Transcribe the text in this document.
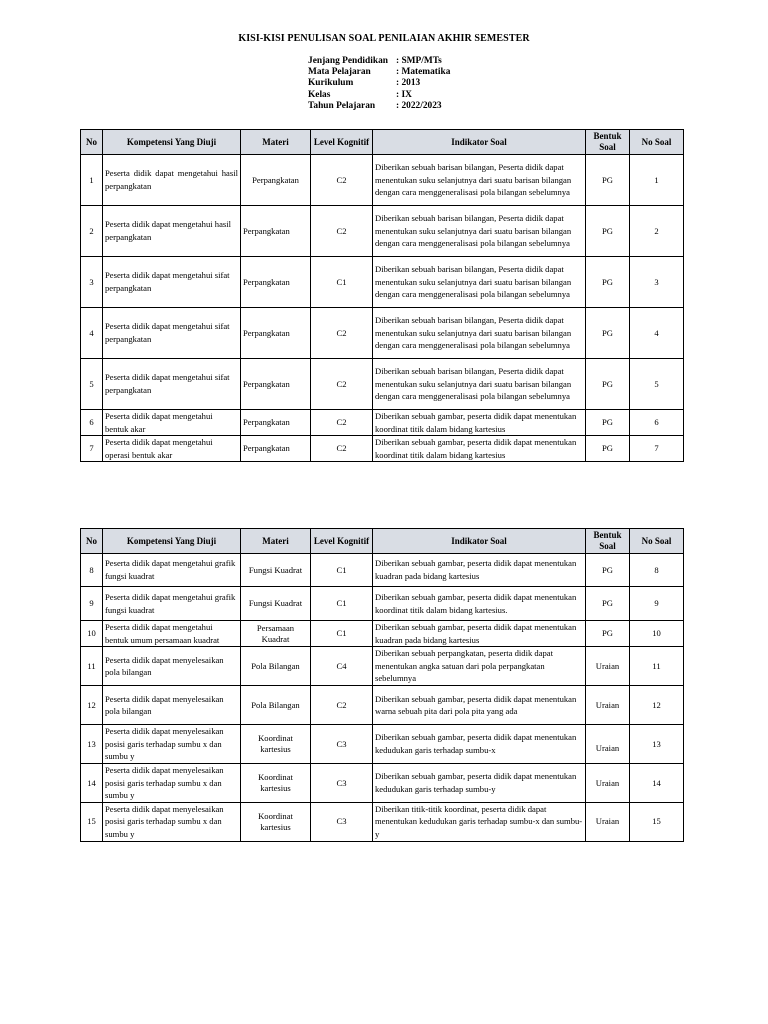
KISI-KISI PENULISAN SOAL PENILAIAN AKHIR SEMESTER
Jenjang Pendidikan : SMP/MTs
Mata Pelajaran	: Matematika
Kurikulum	: 2013
Kelas	: IX
Tahun Pelajaran	: 2022/2023
No	Kompetensi Yang Diuji	Materi	Level Kognitif	Indikator Soal	Bentuk Soal	No Soal
1	Peserta didik dapat mengetahui hasil perpangkatan	Perpangkatan	C2	Diberikan sebuah barisan bilangan, Peserta didik dapat menentukan suku selanjutnya dari suatu barisan bilangan dengan cara menggeneralisasi pola bilangan sebelumnya	PG	1
2	Peserta didik dapat mengetahui hasil perpangkatan	Perpangkatan	C2	Diberikan sebuah barisan bilangan, Peserta didik dapat menentukan suku selanjutnya dari suatu barisan bilangan dengan cara menggeneralisasi pola bilangan sebelumnya	PG	2
3	Peserta didik dapat mengetahui sifat perpangkatan	Perpangkatan	C1	Diberikan sebuah barisan bilangan, Peserta didik dapat menentukan suku selanjutnya dari suatu barisan bilangan dengan cara menggeneralisasi pola bilangan sebelumnya	PG	3
4	Peserta didik dapat mengetahui sifat perpangkatan	Perpangkatan	C2	Diberikan sebuah barisan bilangan, Peserta didik dapat menentukan suku selanjutnya dari suatu barisan bilangan dengan cara menggeneralisasi pola bilangan sebelumnya	PG	4
5	Peserta didik dapat mengetahui sifat perpangkatan	Perpangkatan	C2	Diberikan sebuah barisan bilangan, Peserta didik dapat menentukan suku selanjutnya dari suatu barisan bilangan dengan cara menggeneralisasi pola bilangan sebelumnya	PG	5
6	Peserta didik dapat mengetahui bentuk akar	Perpangkatan	C2	Diberikan sebuah gambar, peserta didik dapat menentukan koordinat titik dalam bidang kartesius	PG	6
7	Peserta didik dapat mengetahui operasi bentuk akar	Perpangkatan	C2	Diberikan sebuah gambar, peserta didik dapat menentukan koordinat titik dalam bidang kartesius	PG	7
No	Kompetensi Yang Diuji	Materi	Level Kognitif	Indikator Soal	Bentuk Soal	No Soal
8	Peserta didik dapat mengetahui grafik fungsi kuadrat	Fungsi Kuadrat	C1	Diberikan sebuah gambar, peserta didik dapat menentukan kuadran pada bidang kartesius	PG	8
9	Peserta didik dapat mengetahui grafik fungsi kuadrat	Fungsi Kuadrat	C1	Diberikan sebuah gambar, peserta didik dapat menentukan koordinat titik dalam bidang kartesius.	PG	9
10	Peserta didik dapat mengetahui bentuk umum persamaan kuadrat	Persamaan Kuadrat	C1	Diberikan sebuah gambar, peserta didik dapat menentukan kuadran pada bidang kartesius	PG	10
11	Peserta didik dapat menyelesaikan pola bilangan	Pola Bilangan	C4	Diberikan sebuah perpangkatan, peserta didik dapat menentukan angka satuan dari pola perpangkatan sebelumnya	Uraian	11
12	Peserta didik dapat menyelesaikan pola bilangan	Pola Bilangan	C2	Diberikan sebuah gambar, peserta didik dapat menentukan warna sebuah pita dari pola pita yang ada	Uraian	12
13	Peserta didik dapat menyelesaikan posisi garis terhadap sumbu x dan sumbu y	Koordinat kartesius	C3	Diberikan sebuah gambar, peserta didik dapat menentukan kedudukan garis terhadap sumbu-x	Uraian	13
14	Peserta didik dapat menyelesaikan posisi garis terhadap sumbu x dan sumbu y	Koordinat kartesius	C3	Diberikan sebuah gambar, peserta didik dapat menentukan kedudukan garis terhadap sumbu-y	Uraian	14
15	Peserta didik dapat menyelesaikan posisi garis terhadap sumbu x dan sumbu y	Koordinat kartesius	C3	Diberikan titik-titik koordinat, peserta didik dapat menentukan kedudukan garis terhadap sumbu-x dan sumbu-y	Uraian	15
